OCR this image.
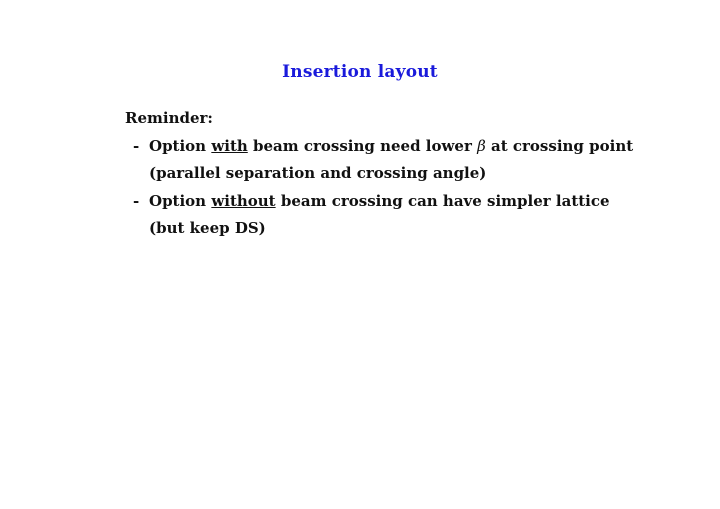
Insertion layout
Reminder:
- Option with beam crossing need lower β at crossing point (parallel separation and crossing angle)
- Option without beam crossing can have simpler lattice (but keep DS)
